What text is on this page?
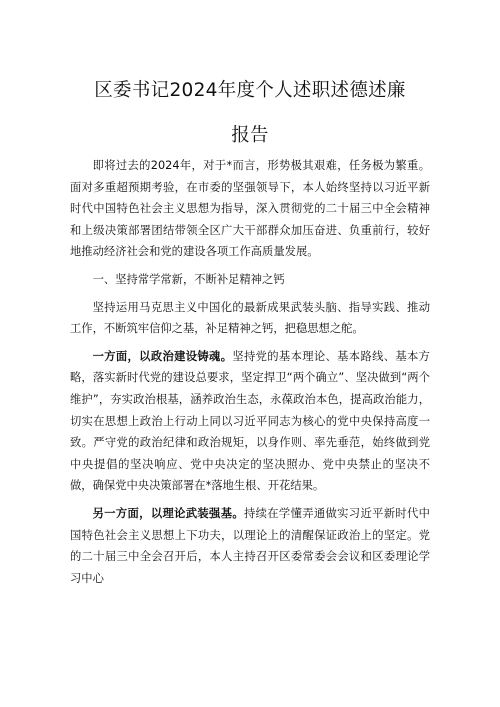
区委书记2024年度个人述职述德述廉
报告

即将过去的2024年，对于*而言，形势极其艰难，任务极为繁重。面对多重超预期考验，在市委的坚强领导下，本人始终坚持以习近平新时代中国特色社会主义思想为指导，深入贯彻党的二十届三中全会精神和上级决策部署团结带领全区广大干部群众加压奋进、负重前行，较好地推动经济社会和党的建设各项工作高质量发展。

一、坚持常学常新，不断补足精神之钙

坚持运用马克思主义中国化的最新成果武装头脑、指导实践、推动工作，不断筑牢信仰之基，补足精神之钙，把稳思想之舵。

一方面，以政治建设铸魂。坚持党的基本理论、基本路线、基本方略，落实新时代党的建设总要求，坚定捍卫“两个确立”、坚决做到“两个维护”，夯实政治根基，涵养政治生态，永葆政治本色，提高政治能力，切实在思想上政治上行动上同以习近平同志为核心的党中央保持高度一致。严守党的政治纪律和政治规矩，以身作则、率先垂范，始终做到党中央提倡的坚决响应、党中央决定的坚决照办、党中央禁止的坚决不做，确保党中央决策部署在*落地生根、开花结果。

另一方面，以理论武装强基。持续在学懂弄通做实习近平新时代中国特色社会主义思想上下功夫，以理论上的清醒保证政治上的坚定。党的二十届三中全会召开后，本人主持召开区委常委会会议和区委理论学习中心
